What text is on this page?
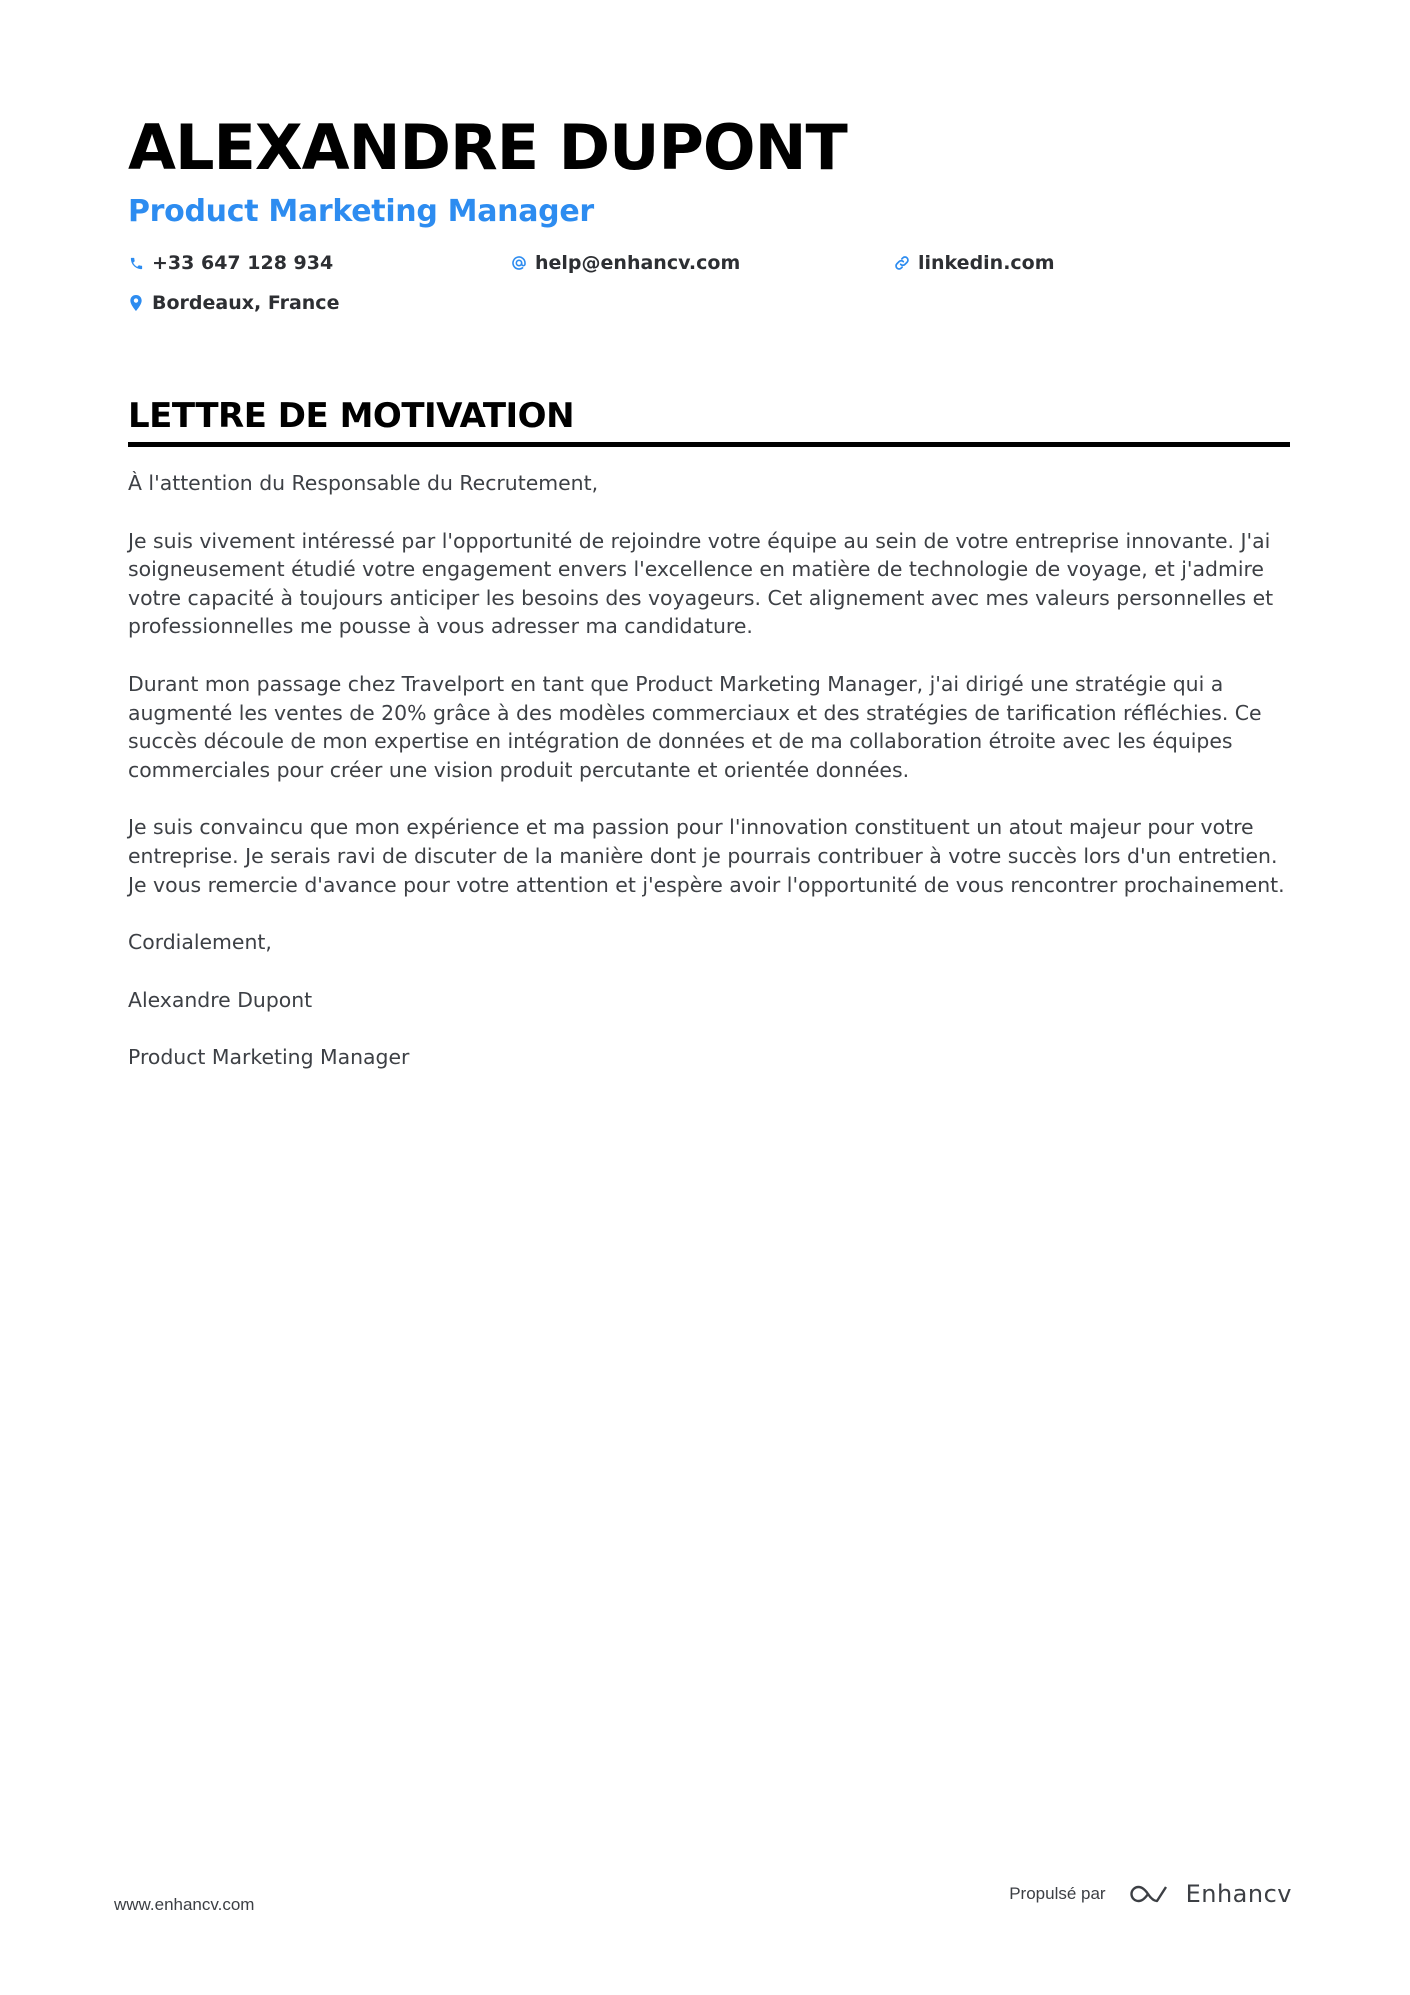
ALEXANDRE DUPONT
Product Marketing Manager
+33 647 128 934	help@enhancv.com	linkedin.com
Bordeaux, France
LETTRE DE MOTIVATION

À l'attention du Responsable du Recrutement,

Je suis vivement intéressé par l'opportunité de rejoindre votre équipe au sein de votre entreprise innovante. J'ai soigneusement étudié votre engagement envers l'excellence en matière de technologie de voyage, et j'admire votre capacité à toujours anticiper les besoins des voyageurs. Cet alignement avec mes valeurs personnelles et professionnelles me pousse à vous adresser ma candidature.

Durant mon passage chez Travelport en tant que Product Marketing Manager, j'ai dirigé une stratégie qui a augmenté les ventes de 20% grâce à des modèles commerciaux et des stratégies de tarification réfléchies. Ce succès découle de mon expertise en intégration de données et de ma collaboration étroite avec les équipes commerciales pour créer une vision produit percutante et orientée données.

Je suis convaincu que mon expérience et ma passion pour l'innovation constituent un atout majeur pour votre entreprise. Je serais ravi de discuter de la manière dont je pourrais contribuer à votre succès lors d'un entretien. Je vous remercie d'avance pour votre attention et j'espère avoir l'opportunité de vous rencontrer prochainement.

Cordialement,

Alexandre Dupont

Product Marketing Manager

www.enhancv.com
Propulsé par	Enhancv
